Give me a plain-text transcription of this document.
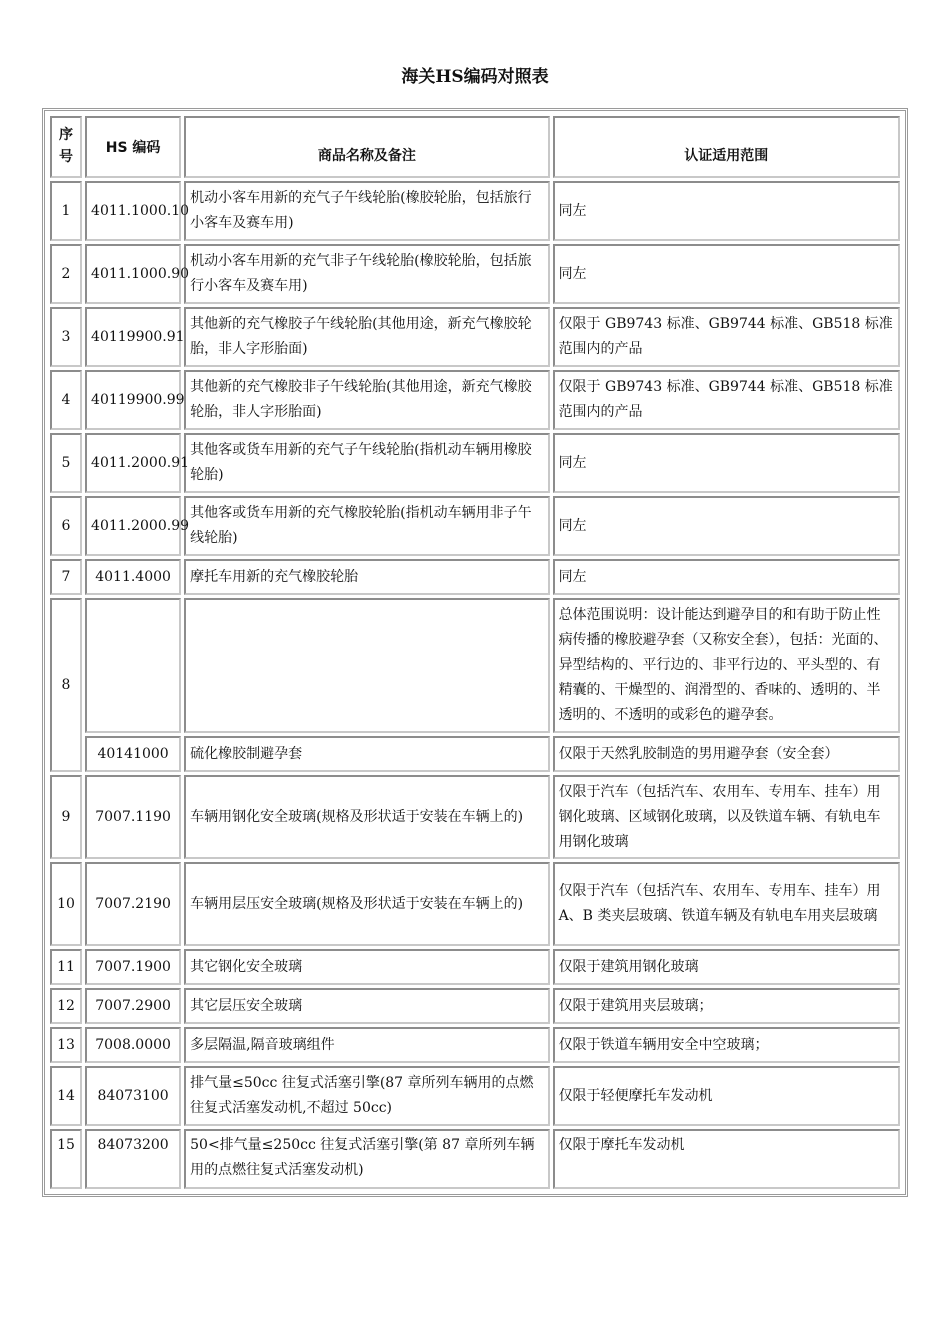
海关HS编码对照表
序号	HS 编码	商品名称及备注	认证适用范围
1	4011.1000.10	机动小客车用新的充气子午线轮胎(橡胶轮胎，包括旅行小客车及赛车用)	同左
2	4011.1000.90	机动小客车用新的充气非子午线轮胎(橡胶轮胎，包括旅行小客车及赛车用)	同左
3	40119900.91	其他新的充气橡胶子午线轮胎(其他用途，新充气橡胶轮胎，非人字形胎面)	仅限于 GB9743 标准、GB9744 标准、GB518 标准范围内的产品
4	40119900.99	其他新的充气橡胶非子午线轮胎(其他用途，新充气橡胶轮胎，非人字形胎面)	仅限于 GB9743 标准、GB9744 标准、GB518 标准范围内的产品
5	4011.2000.91	其他客或货车用新的充气子午线轮胎(指机动车辆用橡胶轮胎)	同左
6	4011.2000.99	其他客或货车用新的充气橡胶轮胎(指机动车辆用非子午线轮胎)	同左
7	4011.4000	摩托车用新的充气橡胶轮胎	同左
8			总体范围说明：设计能达到避孕目的和有助于防止性病传播的橡胶避孕套（又称安全套），包括：光面的、异型结构的、平行边的、非平行边的、平头型的、有精囊的、干燥型的、润滑型的、香味的、透明的、半透明的、不透明的或彩色的避孕套。
	40141000	硫化橡胶制避孕套	仅限于天然乳胶制造的男用避孕套（安全套）
9	7007.1190	车辆用钢化安全玻璃(规格及形状适于安装在车辆上的)	仅限于汽车（包括汽车、农用车、专用车、挂车）用钢化玻璃、区域钢化玻璃，以及铁道车辆、有轨电车用钢化玻璃
10	7007.2190	车辆用层压安全玻璃(规格及形状适于安装在车辆上的)	仅限于汽车（包括汽车、农用车、专用车、挂车）用 A、B 类夹层玻璃、铁道车辆及有轨电车用夹层玻璃
11	7007.1900	其它钢化安全玻璃	仅限于建筑用钢化玻璃
12	7007.2900	其它层压安全玻璃	仅限于建筑用夹层玻璃；
13	7008.0000	多层隔温,隔音玻璃组件	仅限于铁道车辆用安全中空玻璃；
14	84073100	排气量≤50cc 往复式活塞引擎(87 章所列车辆用的点燃往复式活塞发动机,不超过 50cc)	仅限于轻便摩托车发动机
15	84073200	50<排气量≤250cc 往复式活塞引擎(第 87 章所列车辆用的点燃往复式活塞发动机)	仅限于摩托车发动机
